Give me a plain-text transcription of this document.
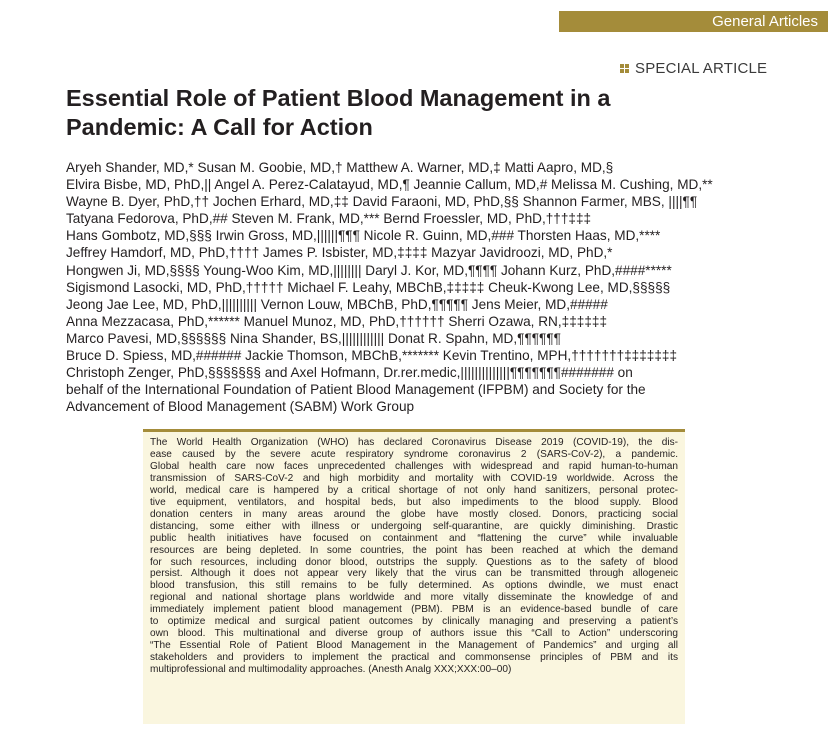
General Articles
SPECIAL ARTICLE
Essential Role of Patient Blood Management in a
Pandemic: A Call for Action
Aryeh Shander, MD,* Susan M. Goobie, MD,† Matthew A. Warner, MD,‡ Matti Aapro, MD,§
Elvira Bisbe, MD, PhD,|| Angel A. Perez-Calatayud, MD,¶ Jeannie Callum, MD,# Melissa M. Cushing, MD,**
Wayne B. Dyer, PhD,†† Jochen Erhard, MD,‡‡ David Faraoni, MD, PhD,§§ Shannon Farmer, MBS, ||||¶¶
Tatyana Fedorova, PhD,## Steven M. Frank, MD,*** Bernd Froessler, MD, PhD,†††‡‡‡
Hans Gombotz, MD,§§§ Irwin Gross, MD,||||||¶¶¶ Nicole R. Guinn, MD,### Thorsten Haas, MD,****
Jeffrey Hamdorf, MD, PhD,†††† James P. Isbister, MD,‡‡‡‡ Mazyar Javidroozi, MD, PhD,*
Hongwen Ji, MD,§§§§ Young-Woo Kim, MD,|||||||| Daryl J. Kor, MD,¶¶¶¶ Johann Kurz, PhD,####*****
Sigismond Lasocki, MD, PhD,††††† Michael F. Leahy, MBChB,‡‡‡‡‡ Cheuk-Kwong Lee, MD,§§§§§
Jeong Jae Lee, MD, PhD,|||||||||| Vernon Louw, MBChB, PhD,¶¶¶¶¶ Jens Meier, MD,#####
Anna Mezzacasa, PhD,****** Manuel Munoz, MD, PhD,†††††† Sherri Ozawa, RN,‡‡‡‡‡‡
Marco Pavesi, MD,§§§§§§ Nina Shander, BS,|||||||||||| Donat R. Spahn, MD,¶¶¶¶¶¶
Bruce D. Spiess, MD,###### Jackie Thomson, MBChB,******* Kevin Trentino, MPH,†††††††‡‡‡‡‡‡‡
Christoph Zenger, PhD,§§§§§§§ and Axel Hofmann, Dr.rer.medic,||||||||||||||¶¶¶¶¶¶¶####### on
behalf of the International Foundation of Patient Blood Management (IFPBM) and Society for the
Advancement of Blood Management (SABM) Work Group
The World Health Organization (WHO) has declared Coronavirus Disease 2019 (COVID-19), the dis-
ease caused by the severe acute respiratory syndrome coronavirus 2 (SARS-CoV-2), a pandemic.
Global health care now faces unprecedented challenges with widespread and rapid human-to-human
transmission of SARS-CoV-2 and high morbidity and mortality with COVID-19 worldwide. Across the
world, medical care is hampered by a critical shortage of not only hand sanitizers, personal protec-
tive equipment, ventilators, and hospital beds, but also impediments to the blood supply. Blood
donation centers in many areas around the globe have mostly closed. Donors, practicing social
distancing, some either with illness or undergoing self-quarantine, are quickly diminishing. Drastic
public health initiatives have focused on containment and “flattening the curve” while invaluable
resources are being depleted. In some countries, the point has been reached at which the demand
for such resources, including donor blood, outstrips the supply. Questions as to the safety of blood
persist. Although it does not appear very likely that the virus can be transmitted through allogeneic
blood transfusion, this still remains to be fully determined. As options dwindle, we must enact
regional and national shortage plans worldwide and more vitally disseminate the knowledge of and
immediately implement patient blood management (PBM). PBM is an evidence-based bundle of care
to optimize medical and surgical patient outcomes by clinically managing and preserving a patient’s
own blood. This multinational and diverse group of authors issue this “Call to Action” underscoring
“The Essential Role of Patient Blood Management in the Management of Pandemics” and urging all
stakeholders and providers to implement the practical and commonsense principles of PBM and its
multiprofessional and multimodality approaches. (Anesth Analg XXX;XXX:00–00)
